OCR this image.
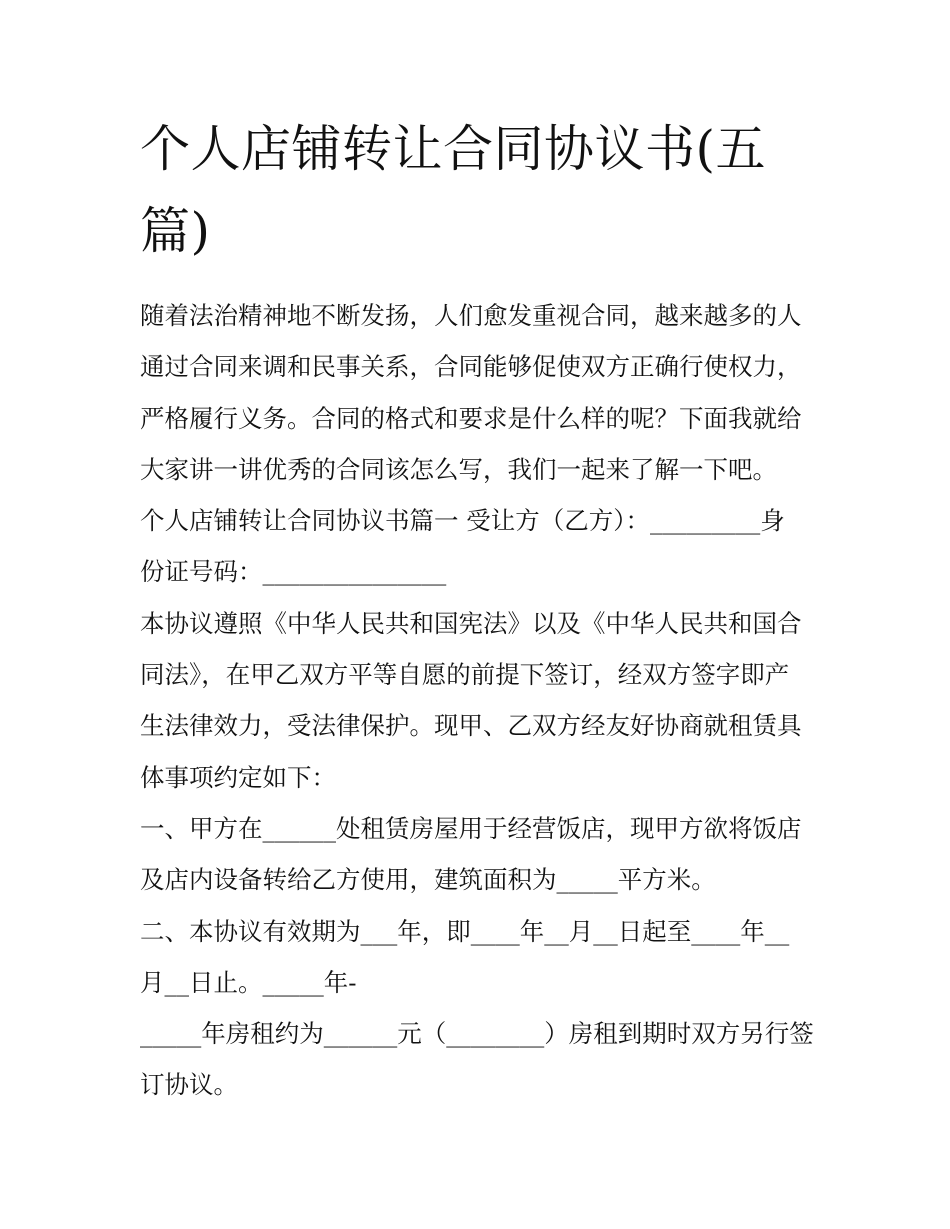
个人店铺转让合同协议书(五
篇)

随着法治精神地不断发扬，人们愈发重视合同，越来越多的人
通过合同来调和民事关系，合同能够促使双方正确行使权力，
严格履行义务。合同的格式和要求是什么样的呢？下面我就给
大家讲一讲优秀的合同该怎么写，我们一起来了解一下吧。

个人店铺转让合同协议书篇一 受让方（乙方）：_________身
份证号码：_______________

本协议遵照《中华人民共和国宪法》以及《中华人民共和国合
同法》，在甲乙双方平等自愿的前提下签订，经双方签字即产
生法律效力，受法律保护。现甲、乙双方经友好协商就租赁具
体事项约定如下：

一、甲方在______处租赁房屋用于经营饭店，现甲方欲将饭店
及店内设备转给乙方使用，建筑面积为_____平方米。

二、本协议有效期为___年，即____年__月__日起至____年__
月__日止。_____年-

_____年房租约为______元（________）房租到期时双方另行签
订协议。
